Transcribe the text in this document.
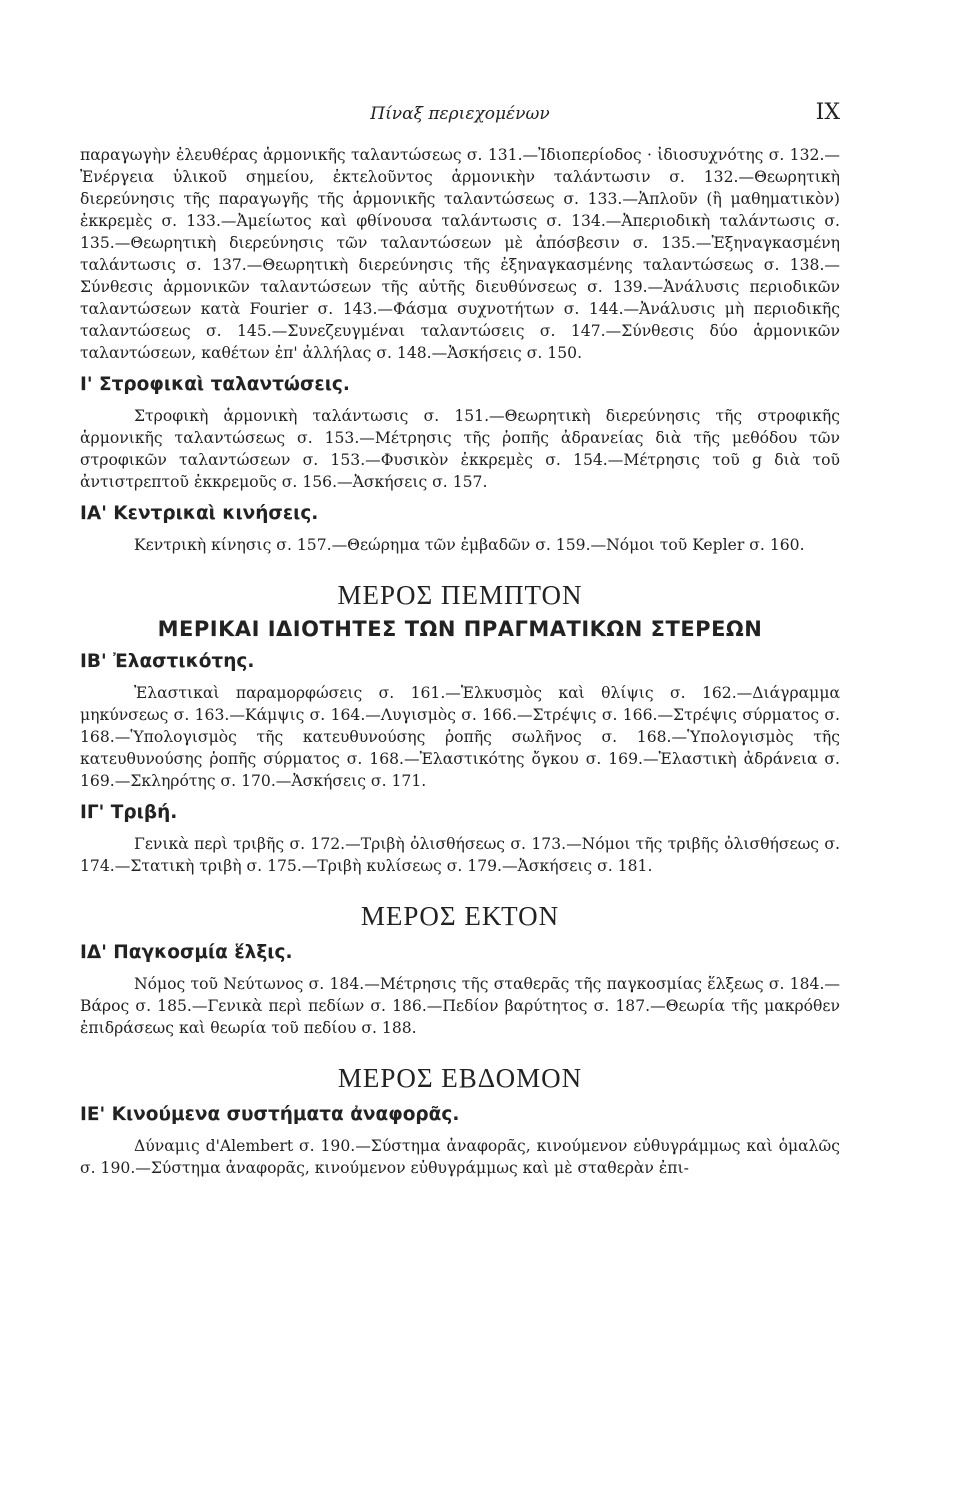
Πίναξ περιεχομένων	IX

παραγωγὴν ἐλευθέρας ἁρμονικῆς ταλαντώσεως σ. 131.—Ἰδιοπερίοδος · ἰδιοσυχνότης σ. 132.—Ἐνέργεια ὑλικοῦ σημείου, ἐκτελοῦντος ἁρμονικὴν ταλάντωσιν σ. 132.—Θεωρητικὴ διερεύνησις τῆς παραγωγῆς τῆς ἁρμονικῆς ταλαντώσεως σ. 133.—Ἁπλοῦν (ἢ μαθηματικὸν) ἐκκρεμὲς σ. 133.—Ἀμείωτος καὶ φθίνουσα ταλάντωσις σ. 134.—Ἀπεριοδικὴ ταλάντωσις σ. 135.—Θεωρητικὴ διερεύνησις τῶν ταλαντώσεων μὲ ἀπόσβεσιν σ. 135.—Ἐξηναγκασμένη ταλάντωσις σ. 137.—Θεωρητικὴ διερεύνησις τῆς ἐξηναγκασμένης ταλαντώσεως σ. 138.—Σύνθεσις ἁρμονικῶν ταλαντώσεων τῆς αὐτῆς διευθύνσεως σ. 139.—Ἀνάλυσις περιοδικῶν ταλαντώσεων κατὰ Fourier σ. 143.—Φάσμα συχνοτήτων σ. 144.—Ἀνάλυσις μὴ περιοδικῆς ταλαντώσεως σ. 145.—Συνεζευγμέναι ταλαντώσεις σ. 147.—Σύνθεσις δύο ἁρμονικῶν ταλαντώσεων, καθέτων ἐπ' ἀλλήλας σ. 148.—Ἀσκήσεις σ. 150.

Ι' Στροφικαὶ ταλαντώσεις.

Στροφικὴ ἁρμονικὴ ταλάντωσις σ. 151.—Θεωρητικὴ διερεύνησις τῆς στροφικῆς ἁρμονικῆς ταλαντώσεως σ. 153.—Μέτρησις τῆς ῥοπῆς ἀδρανείας διὰ τῆς μεθόδου τῶν στροφικῶν ταλαντώσεων σ. 153.—Φυσικὸν ἐκκρεμὲς σ. 154.—Μέτρησις τοῦ g διὰ τοῦ ἀντιστρεπτοῦ ἐκκρεμοῦς σ. 156.—Ἀσκήσεις σ. 157.

ΙΑ' Κεντρικαὶ κινήσεις.

Κεντρικὴ κίνησις σ. 157.—Θεώρημα τῶν ἐμβαδῶν σ. 159.—Νόμοι τοῦ Kepler σ. 160.

ΜΕΡΟΣ ΠΕΜΠΤΟΝ
ΜΕΡΙΚΑΙ ΙΔΙΟΤΗΤΕΣ ΤΩΝ ΠΡΑΓΜΑΤΙΚΩΝ ΣΤΕΡΕΩΝ
ΙΒ' Ἐλαστικότης.

Ἐλαστικαὶ παραμορφώσεις σ. 161.—Ἑλκυσμὸς καὶ θλίψις σ. 162.—Διάγραμμα μηκύνσεως σ. 163.—Κάμψις σ. 164.—Λυγισμὸς σ. 166.—Στρέψις σ. 166.—Στρέψις σύρματος σ. 168.—Ὑπολογισμὸς τῆς κατευθυνούσης ῥοπῆς σωλῆνος σ. 168.—Ὑπολογισμὸς τῆς κατευθυνούσης ῥοπῆς σύρματος σ. 168.—Ἐλαστικότης ὄγκου σ. 169.—Ἐλαστικὴ ἀδράνεια σ. 169.—Σκληρότης σ. 170.—Ἀσκήσεις σ. 171.

ΙΓ' Τριβή.

Γενικὰ περὶ τριβῆς σ. 172.—Τριβὴ ὀλισθήσεως σ. 173.—Νόμοι τῆς τριβῆς ὀλισθήσεως σ. 174.—Στατικὴ τριβὴ σ. 175.—Τριβὴ κυλίσεως σ. 179.—Ἀσκήσεις σ. 181.

ΜΕΡΟΣ ΕΚΤΟΝ
ΙΔ' Παγκοσμία ἕλξις.

Νόμος τοῦ Νεύτωνος σ. 184.—Μέτρησις τῆς σταθερᾶς τῆς παγκοσμίας ἕλξεως σ. 184.—Βάρος σ. 185.—Γενικὰ περὶ πεδίων σ. 186.—Πεδίον βαρύτητος σ. 187.—Θεωρία τῆς μακρόθεν ἐπιδράσεως καὶ θεωρία τοῦ πεδίου σ. 188.

ΜΕΡΟΣ ΕΒΔΟΜΟΝ
ΙΕ' Κινούμενα συστήματα ἀναφορᾶς.

Δύναμις d'Alembert σ. 190.—Σύστημα ἀναφορᾶς, κινούμενον εὐθυγράμμως καὶ ὁμαλῶς σ. 190.—Σύστημα ἀναφορᾶς, κινούμενον εὐθυγράμμως καὶ μὲ σταθερὰν ἐπι-
